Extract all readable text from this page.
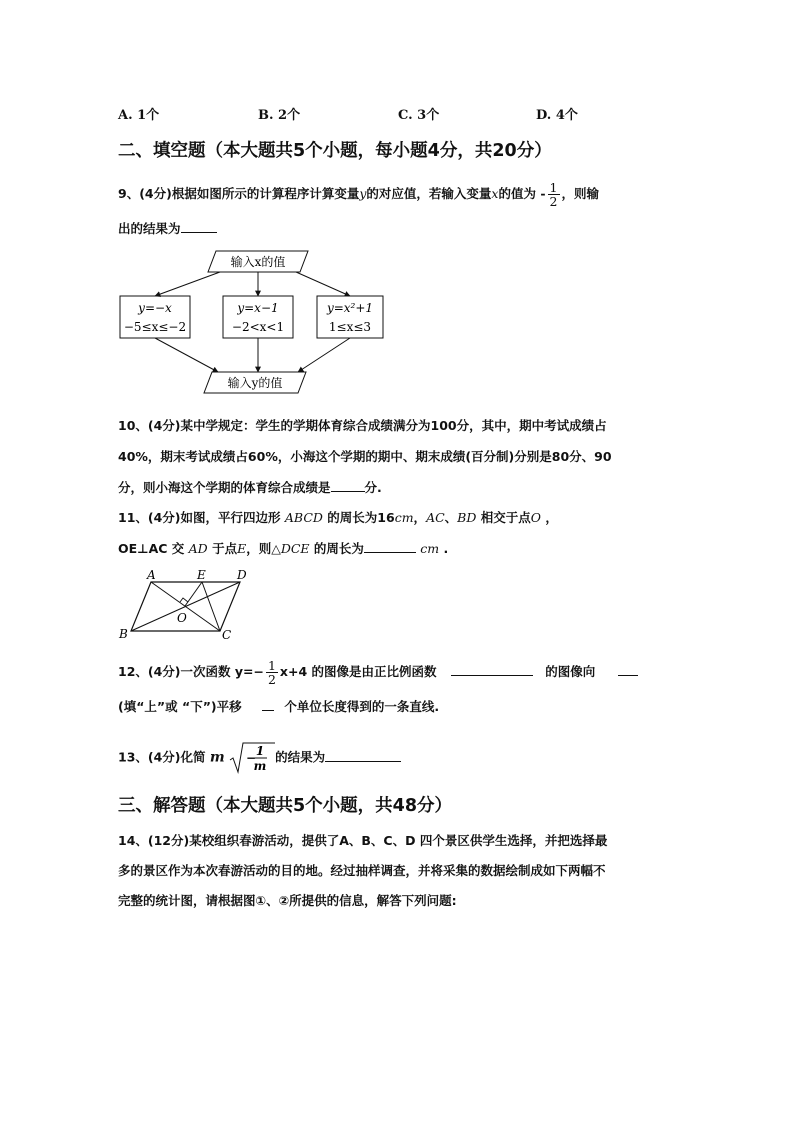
A. 1个	B. 2个	C. 3个	D. 4个
二、填空题（本大题共5个小题，每小题4分，共20分）
9、(4分)根据如图所示的计算程序计算变量y的对应值，若输入变量x的值为 - $\frac{1}{2}$ ，则输
出的结果为
输入x的值
y=−x
−5≤x≤−2
y=x−1
−2<x<1
y=x²+1
1≤x≤3
输入y的值
10、(4分)某中学规定：学生的学期体育综合成绩满分为100分，其中，期中考试成绩占
40%，期末考试成绩占60%，小海这个学期的期中、期末成绩(百分制)分别是80分、90
分，则小海这个学期的体育综合成绩是	分.
11、(4分)如图，平行四边形 ABCD 的周长为16cm，AC、BD 相交于点O ，
OE⊥AC 交 AD 于点E，则△DCE 的周长为	cm .
A	E	D
O
B	C
12、(4分)一次函数 $y=- \frac{1}{2} x+4$ 的图像是由正比例函数	的图像向
(填“上”或 “下”)平移	个单位长度得到的一条直线.
13、(4分)化简 m − 1
m
的结果为
三、解答题（本大题共5个小题，共48分）
14、(12分)某校组织春游活动，提供了A、B、C、D 四个景区供学生选择，并把选择最
多的景区作为本次春游活动的目的地。经过抽样调查，并将采集的数据绘制成如下两幅不
完整的统计图，请根据图①、②所提供的信息，解答下列问题:
